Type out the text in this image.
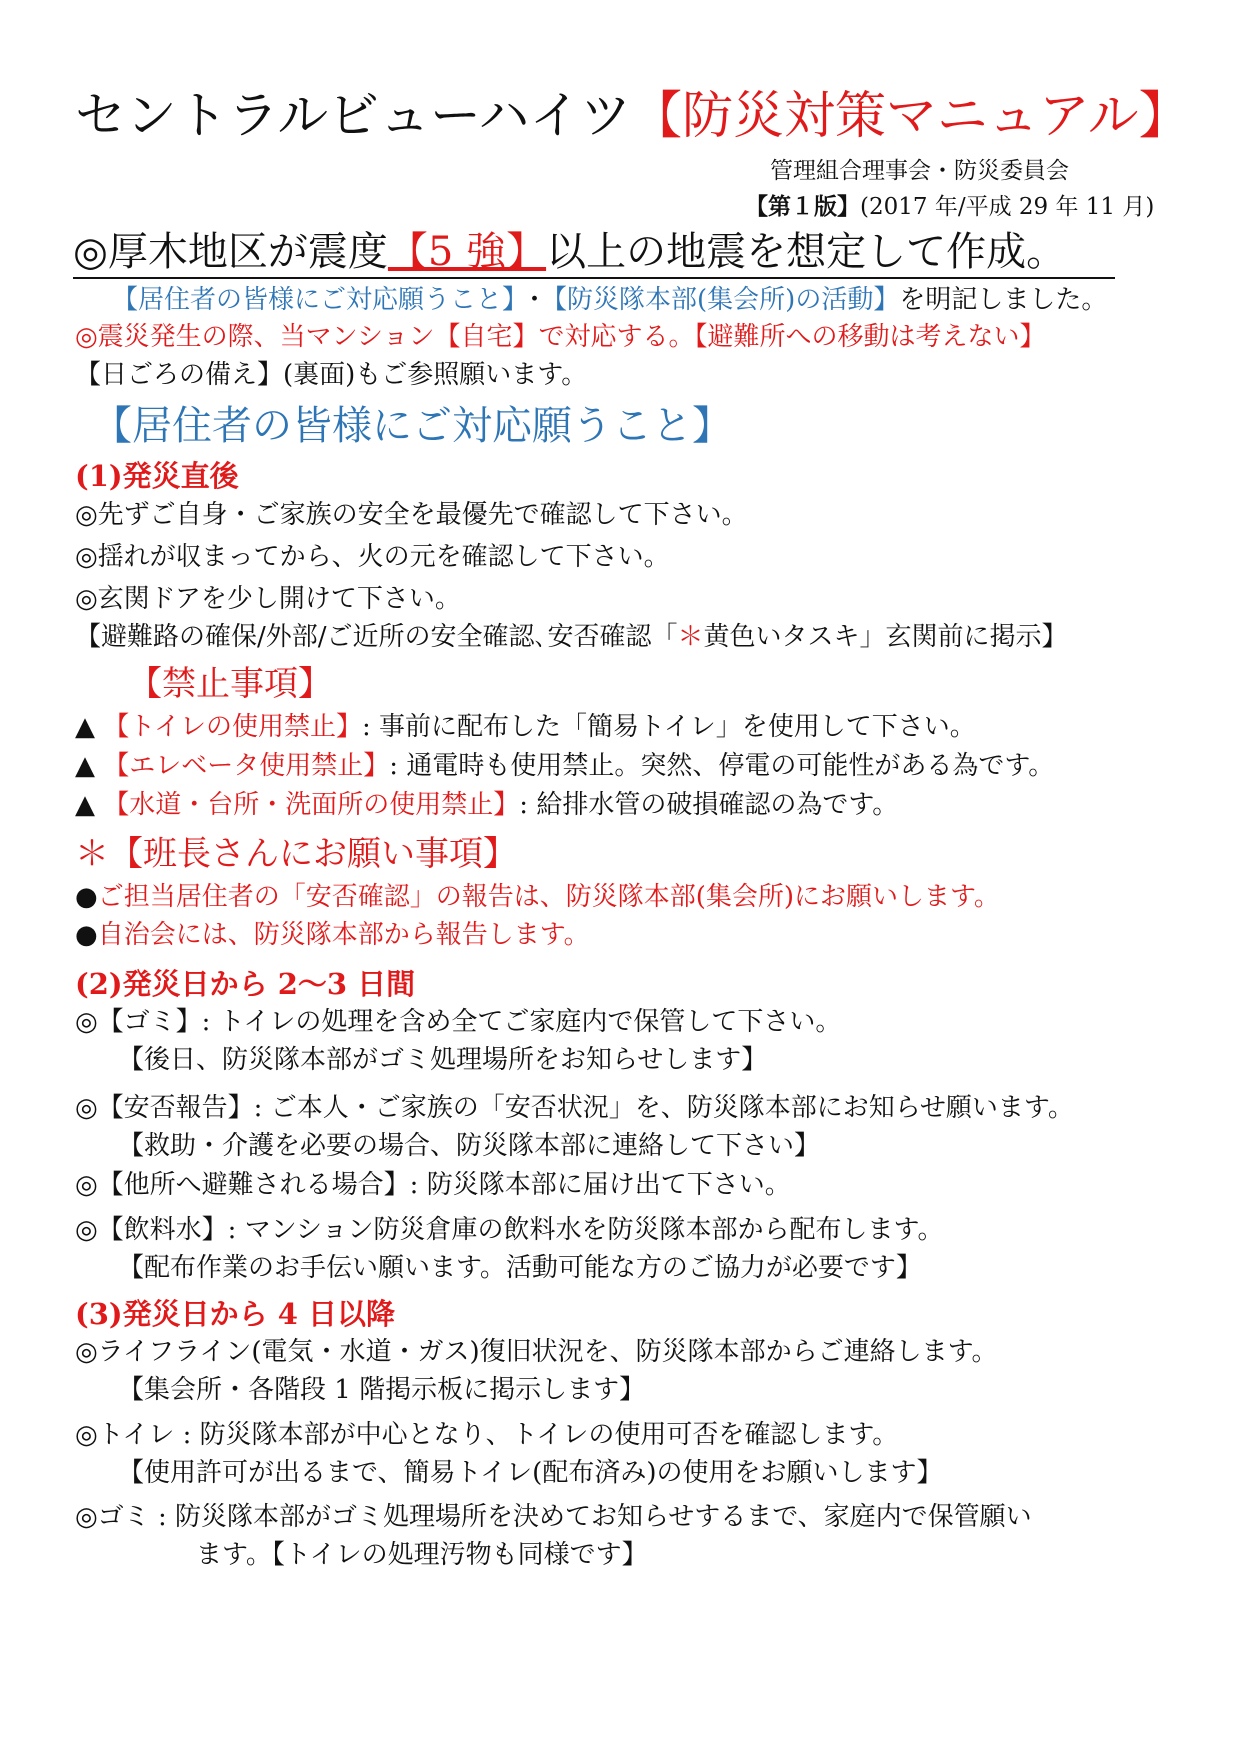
セントラルビューハイツ【防災対策マニュアル】
管理組合理事会・防災委員会
【第１版】(2017 年/平成 29 年 11 月)
◎厚木地区が震度【5 強】以上の地震を想定して作成。
【居住者の皆様にご対応願うこと】･【防災隊本部(集会所)の活動】を明記しました。
◎震災発生の際、当マンション【自宅】で対応する。【避難所への移動は考えない】
【日ごろの備え】(裏面)もご参照願います。
【居住者の皆様にご対応願うこと】
(1)発災直後
◎先ずご自身・ご家族の安全を最優先で確認して下さい。
◎揺れが収まってから、火の元を確認して下さい。
◎玄関ドアを少し開けて下さい。
【避難路の確保/外部/ご近所の安全確認､安否確認「＊黄色いタスキ」玄関前に掲示】
【禁止事項】
▲ 【トイレの使用禁止】: 事前に配布した「簡易トイレ」を使用して下さい。
▲ 【エレベータ使用禁止】: 通電時も使用禁止。突然、停電の可能性がある為です。
▲ 【水道・台所・洗面所の使用禁止】: 給排水管の破損確認の為です。
＊【班長さんにお願い事項】
●ご担当居住者の「安否確認」の報告は、防災隊本部(集会所)にお願いします。
●自治会には、防災隊本部から報告します。
(2)発災日から 2～3 日間
◎【ゴミ】: トイレの処理を含め全てご家庭内で保管して下さい。
【後日、防災隊本部がゴミ処理場所をお知らせします】
◎【安否報告】: ご本人・ご家族の「安否状況」を、防災隊本部にお知らせ願います。
【救助・介護を必要の場合、防災隊本部に連絡して下さい】
◎【他所へ避難される場合】: 防災隊本部に届け出て下さい。
◎【飲料水】: マンション防災倉庫の飲料水を防災隊本部から配布します。
【配布作業のお手伝い願います。活動可能な方のご協力が必要です】
(3)発災日から 4 日以降
◎ライフライン(電気・水道・ガス)復旧状況を、防災隊本部からご連絡します。
【集会所・各階段 1 階掲示板に掲示します】
◎トイレ : 防災隊本部が中心となり、トイレの使用可否を確認します。
【使用許可が出るまで、簡易トイレ(配布済み)の使用をお願いします】
◎ゴミ : 防災隊本部がゴミ処理場所を決めてお知らせするまで、家庭内で保管願い
ます。【トイレの処理汚物も同様です】
